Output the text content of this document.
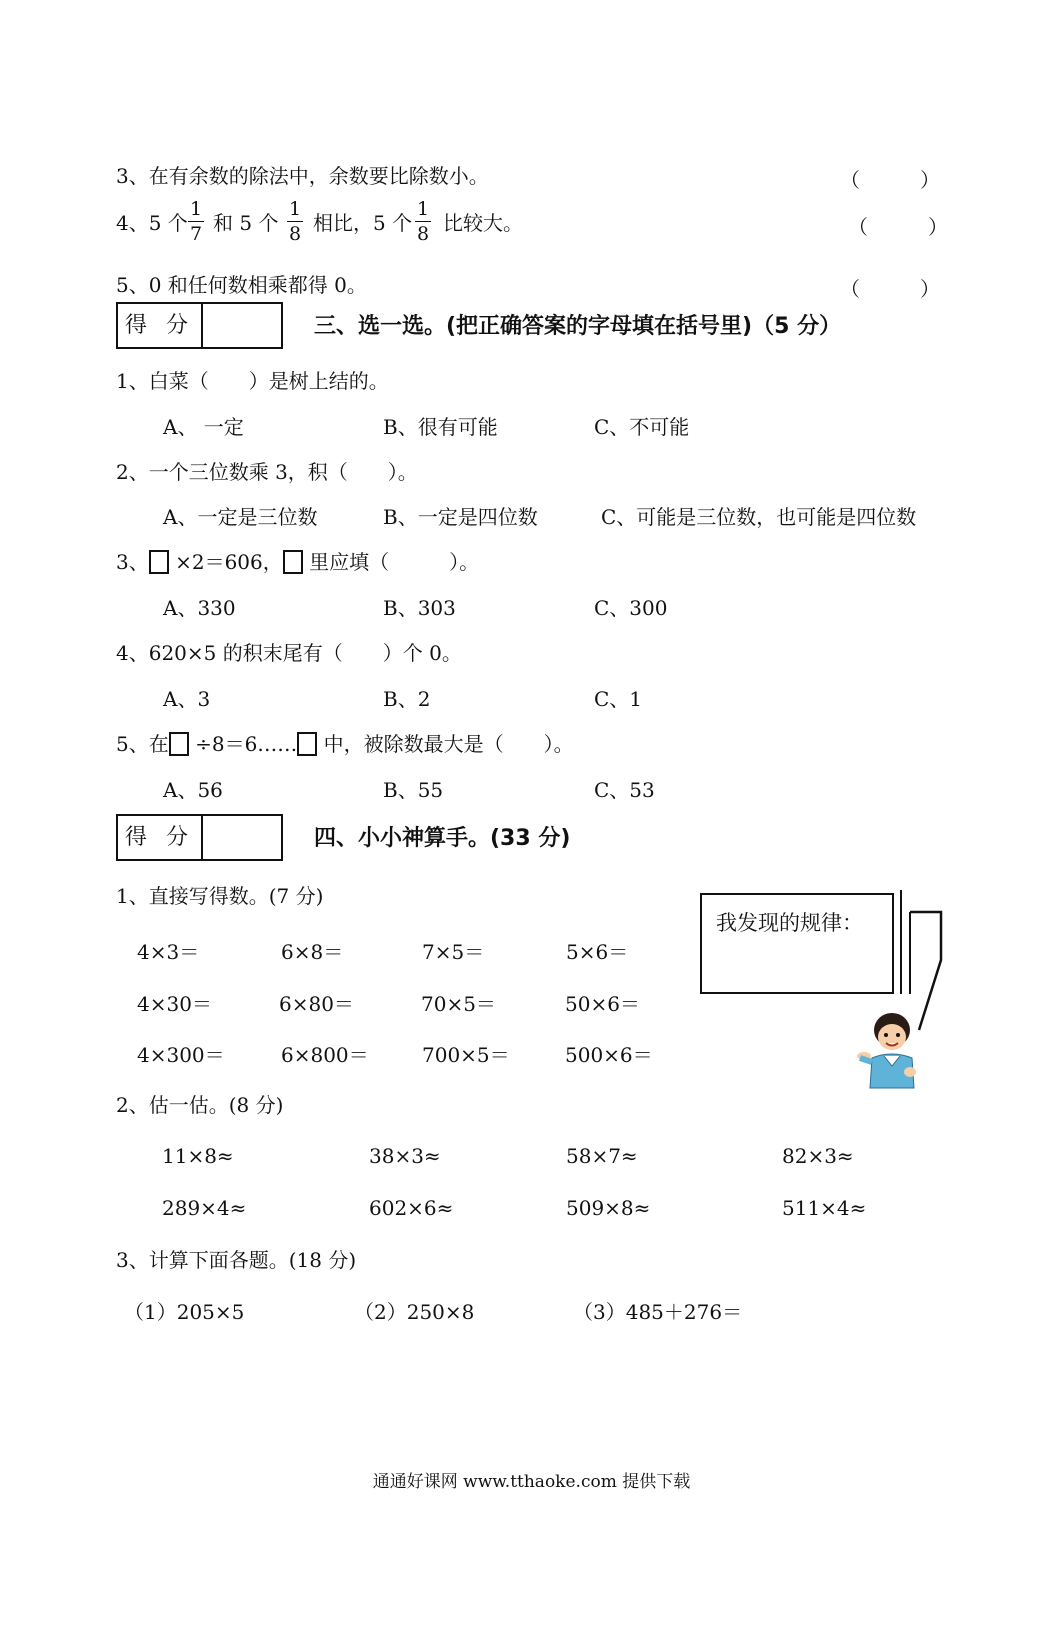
3、在有余数的除法中，余数要比除数小。	（　　　）
4、5 个
1
7 和 5 个
1
8 相比，5 个
1
8 比较大。	（　　　）
5、0 和任何数相乘都得 0。	（　　　）
得 分	三、选一选。(把正确答案的字母填在括号里)（5 分）
1、白菜（　　）是树上结的。
A、 一定	B、很有可能	C、不可能
2、一个三位数乘 3，积（　　）。
A、一定是三位数	B、一定是四位数	C、可能是三位数，也可能是四位数
3、 ×2＝606， 里应填（　　　）。
A、330	B、303	C、300
4、620×5 的积末尾有（　　）个 0。
A、3	B、2	C、1
5、在 ÷8＝6…… 中，被除数最大是（　　）。
A、56	B、55	C、53
得 分	四、小小神算手。(33 分)
1、直接写得数。(7 分)
4×3＝	6×8＝	7×5＝	5×6＝
4×30＝	6×80＝	70×5＝	50×6＝
4×300＝	6×800＝	700×5＝	500×6＝
我发现的规律：
2、估一估。(8 分)
11×8≈	38×3≈	58×7≈	82×3≈
289×4≈	602×6≈	509×8≈	511×4≈
3、计算下面各题。(18 分)
（1）205×5	（2）250×8	（3）485＋276＝
通通好课网 www.tthaoke.com 提供下载
